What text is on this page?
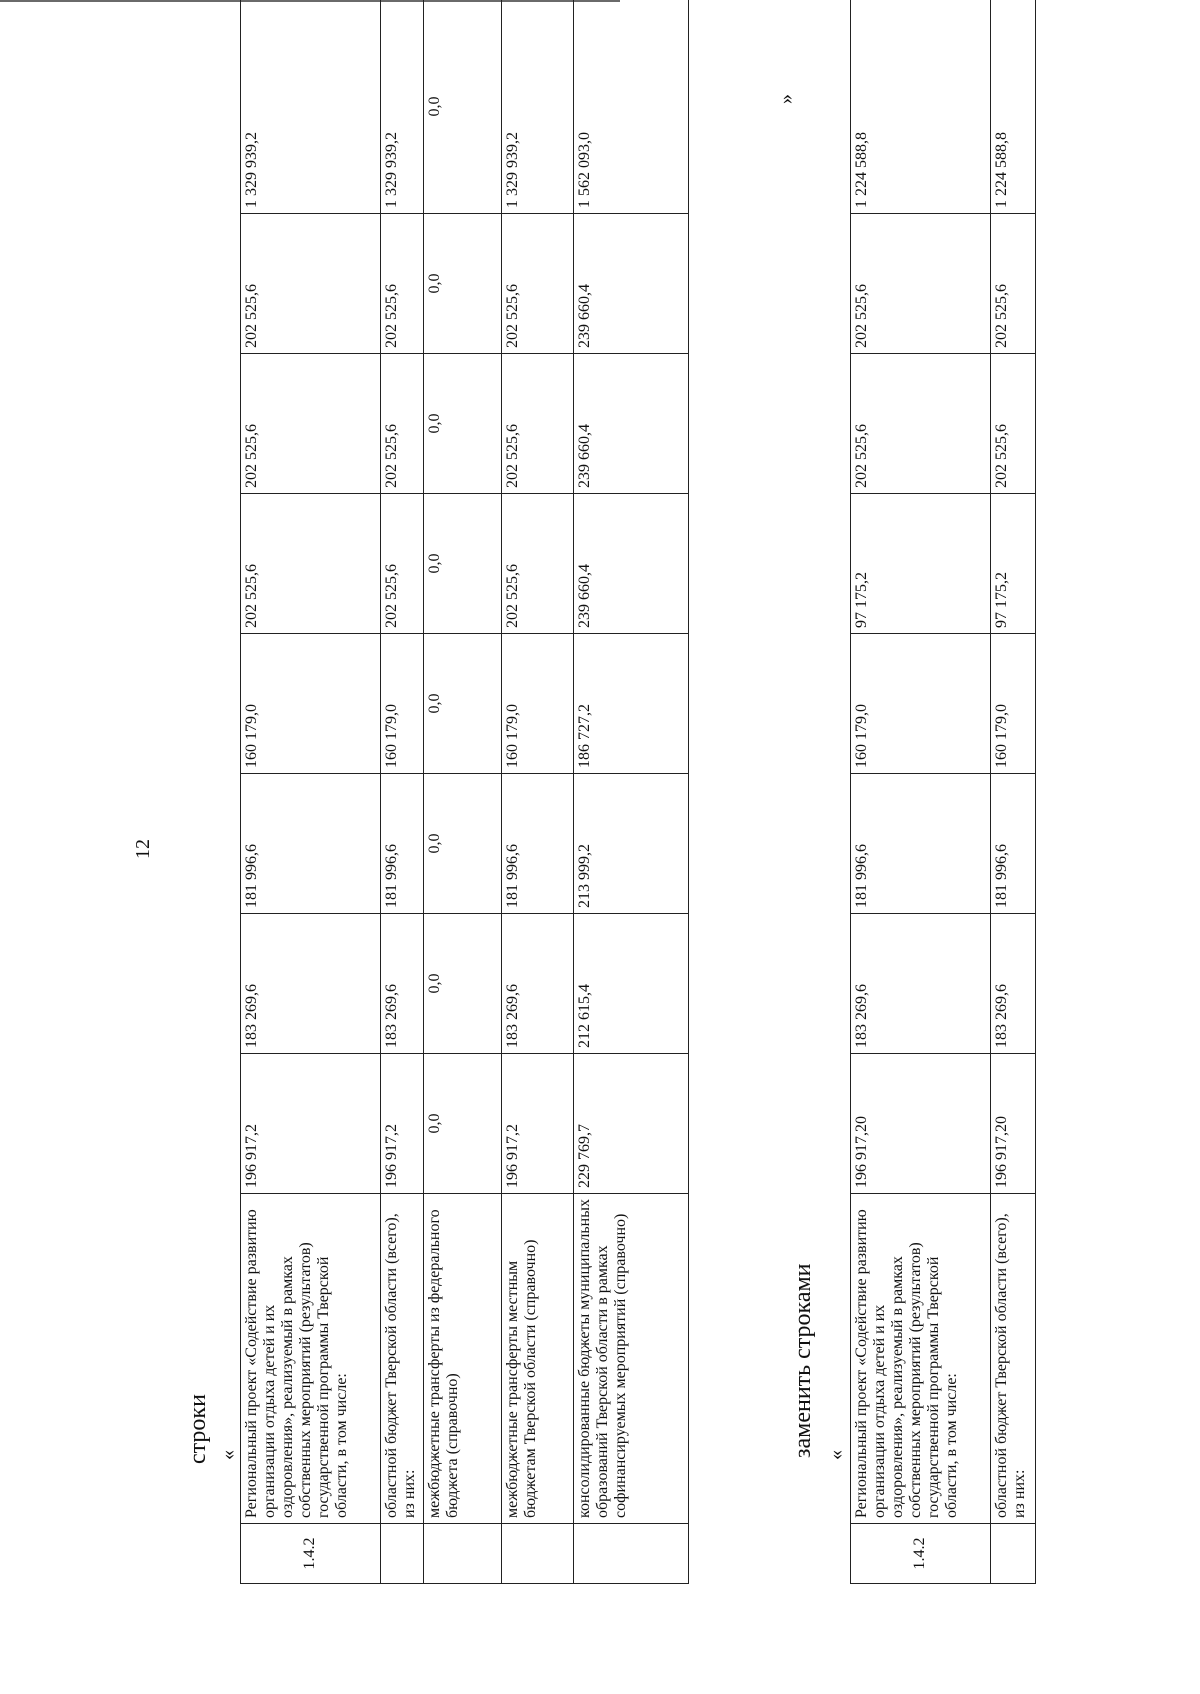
12
строки «
1.4.2	Региональный проект «Содействие развитию организации отдыха детей и их оздоровления», реализуемый в рамках собственных мероприятий (результатов) государственной программы Тверской области, в том числе:	196 917,2	183 269,6	181 996,6	160 179,0	202 525,6	202 525,6	202 525,6	1 329 939,2
	областной бюджет Тверской области (всего), из них:	196 917,2	183 269,6	181 996,6	160 179,0	202 525,6	202 525,6	202 525,6	1 329 939,2
	межбюджетные трансферты из федерального бюджета (справочно)	0,0	0,0	0,0	0,0	0,0	0,0	0,0	0,0
	межбюджетные трансферты местным бюджетам Тверской области (справочно)	196 917,2	183 269,6	181 996,6	160 179,0	202 525,6	202 525,6	202 525,6	1 329 939,2
	консолидированные бюджеты муниципальных образований Тверской области в рамках софинансируемых мероприятий (справочно)	229 769,7	212 615,4	213 999,2	186 727,2	239 660,4	239 660,4	239 660,4	1 562 093,0
»
заменить строками «
1.4.2	Региональный проект «Содействие развитию организации отдыха детей и их оздоровления», реализуемый в рамках собственных мероприятий (результатов) государственной программы Тверской области, в том числе:	196 917,20	183 269,6	181 996,6	160 179,0	97 175,2	202 525,6	202 525,6	1 224 588,8
	областной бюджет Тверской области (всего), из них:	196 917,20	183 269,6	181 996,6	160 179,0	97 175,2	202 525,6	202 525,6	1 224 588,8
